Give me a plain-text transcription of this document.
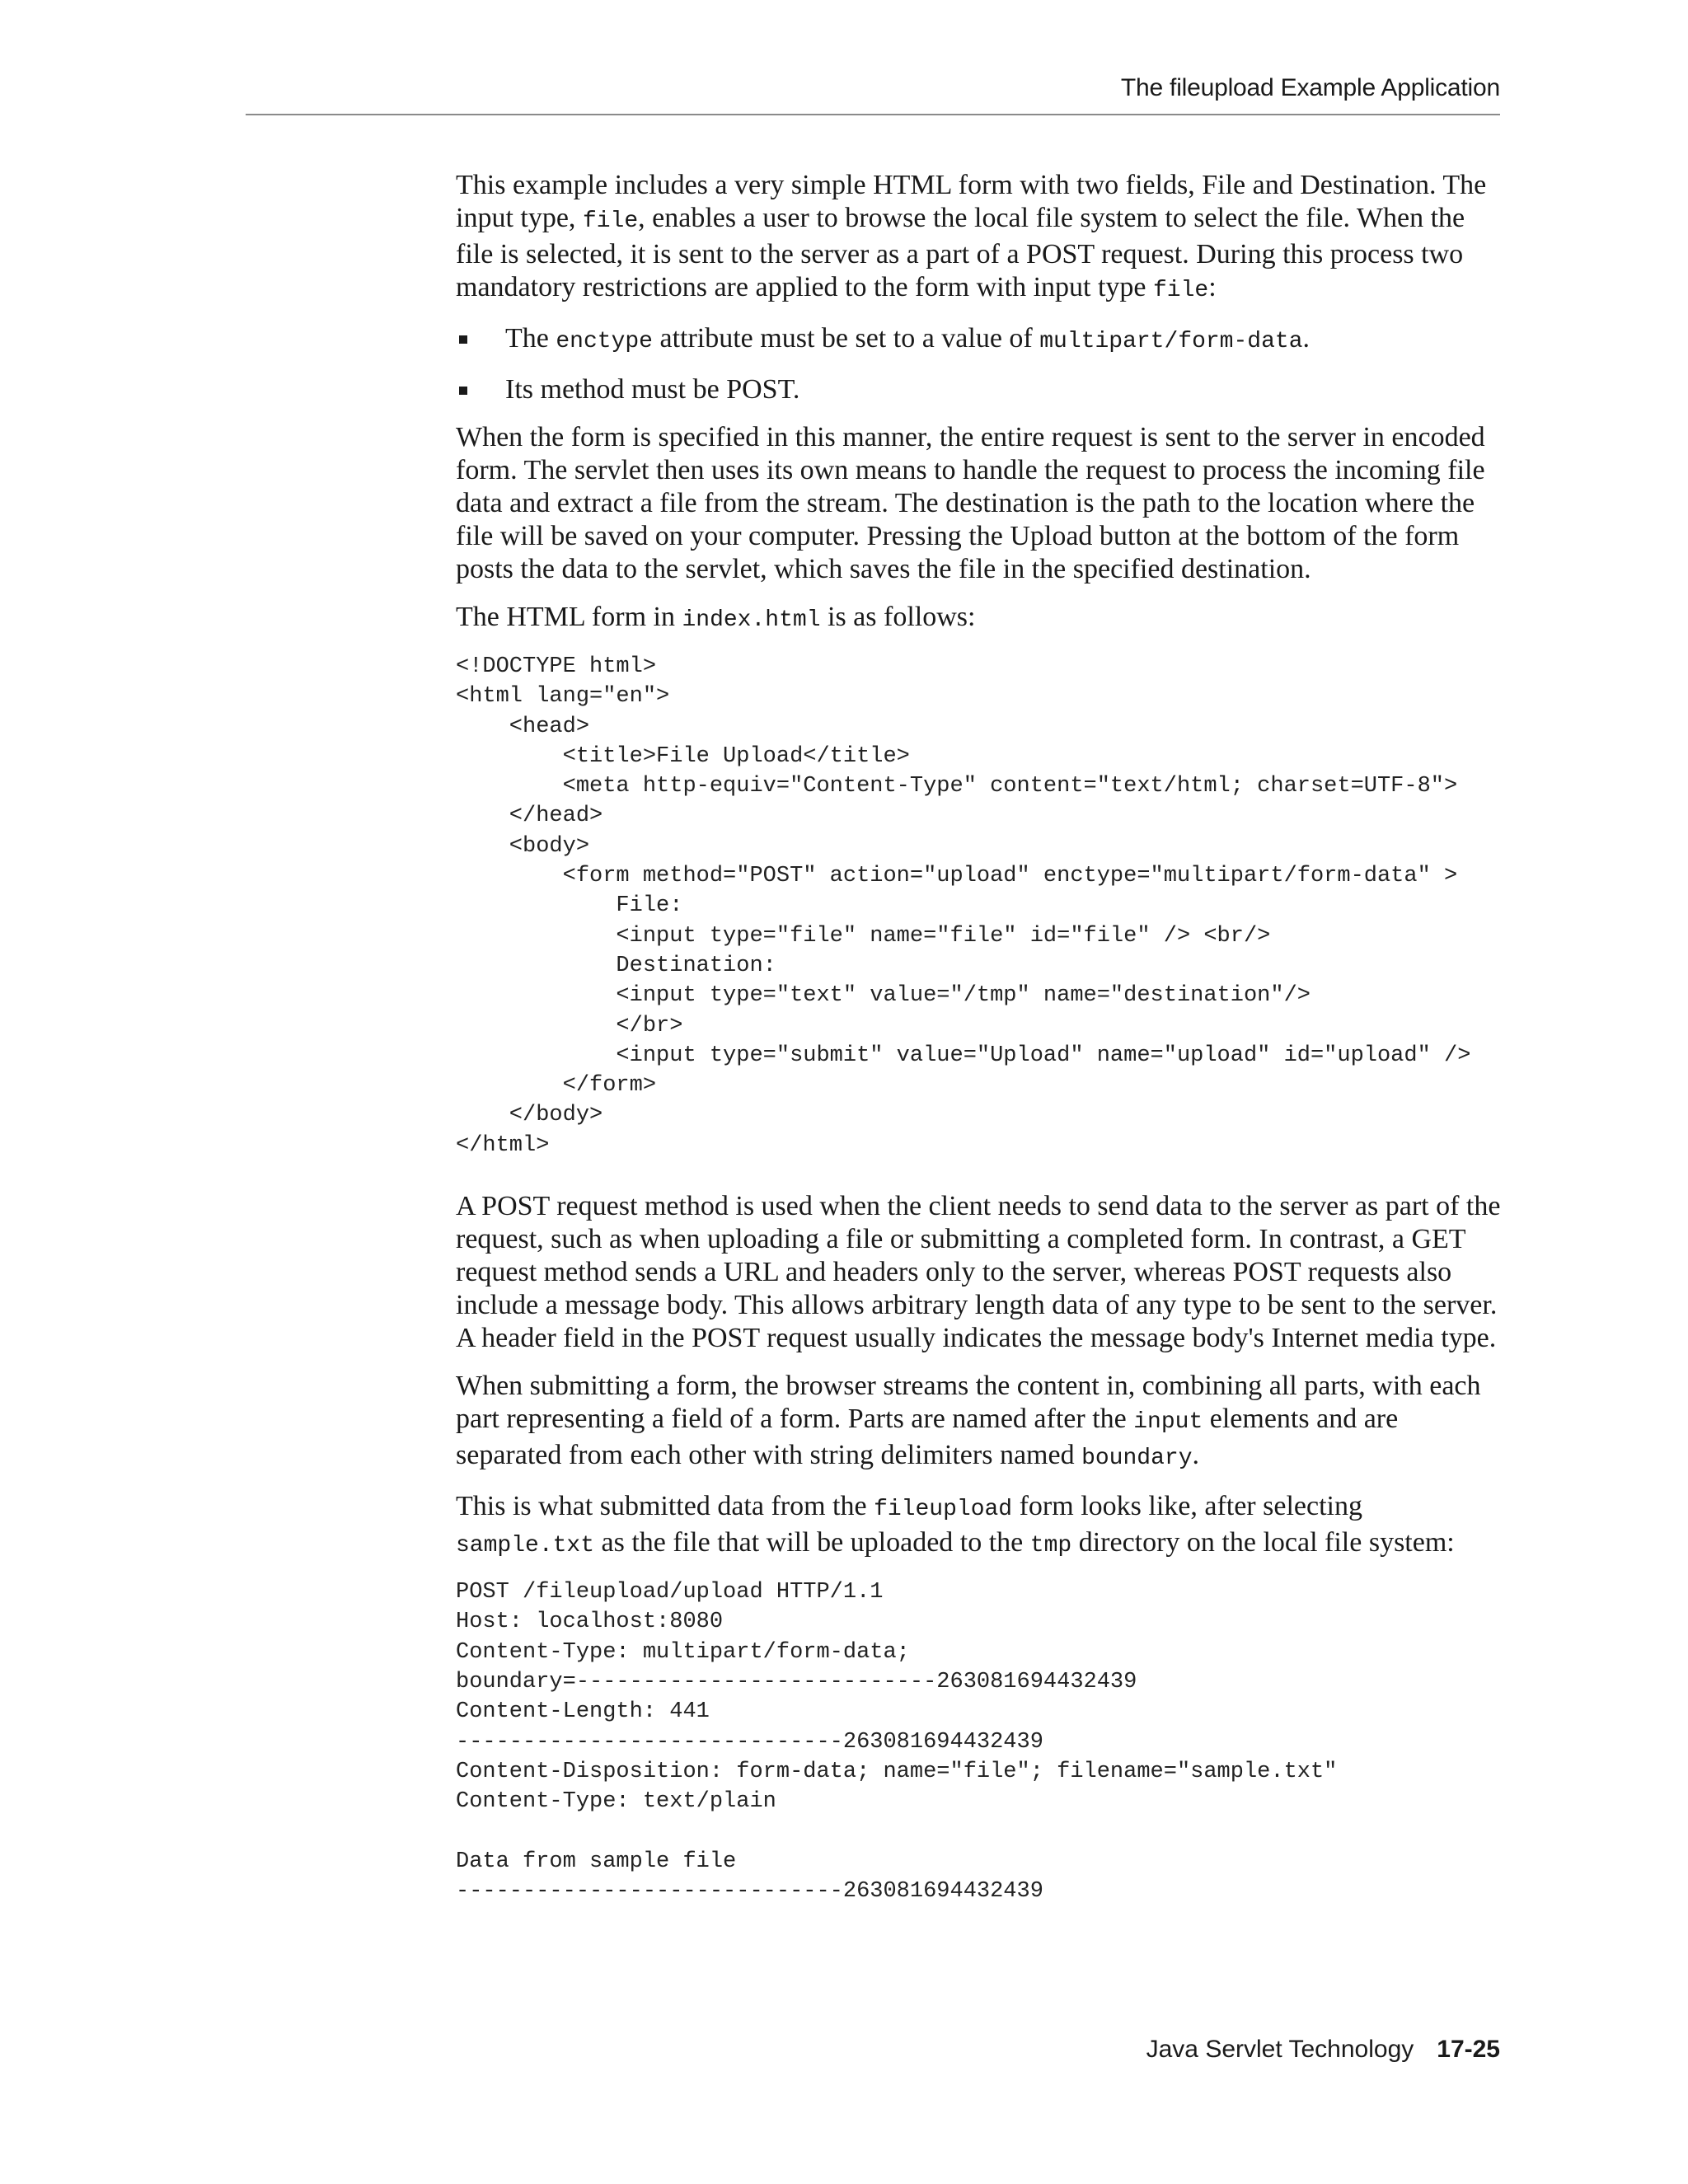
The fileupload Example Application

This example includes a very simple HTML form with two fields, File and Destination. The input type, file, enables a user to browse the local file system to select the file. When the file is selected, it is sent to the server as a part of a POST request. During this process two mandatory restrictions are applied to the form with input type file:

The enctype attribute must be set to a value of multipart/form-data.
Its method must be POST.

When the form is specified in this manner, the entire request is sent to the server in encoded form. The servlet then uses its own means to handle the request to process the incoming file data and extract a file from the stream. The destination is the path to the location where the file will be saved on your computer. Pressing the Upload button at the bottom of the form posts the data to the servlet, which saves the file in the specified destination.

The HTML form in index.html is as follows:

<!DOCTYPE html>
<html lang="en">
<head>
<title>File Upload</title>
<meta http-equiv="Content-Type" content="text/html; charset=UTF-8">
</head>
<body>
<form method="POST" action="upload" enctype="multipart/form-data" >
File:
<input type="file" name="file" id="file" /> <br/>
Destination:
<input type="text" value="/tmp" name="destination"/>
</br>
<input type="submit" value="Upload" name="upload" id="upload" />
</form>
</body>
</html>

A POST request method is used when the client needs to send data to the server as part of the request, such as when uploading a file or submitting a completed form. In contrast, a GET request method sends a URL and headers only to the server, whereas POST requests also include a message body. This allows arbitrary length data of any type to be sent to the server. A header field in the POST request usually indicates the message body's Internet media type.

When submitting a form, the browser streams the content in, combining all parts, with each part representing a field of a form. Parts are named after the input elements and are separated from each other with string delimiters named boundary.

This is what submitted data from the fileupload form looks like, after selecting sample.txt as the file that will be uploaded to the tmp directory on the local file system:

POST /fileupload/upload HTTP/1.1
Host: localhost:8080
Content-Type: multipart/form-data;
boundary=---------------------------263081694432439
Content-Length: 441
-----------------------------263081694432439
Content-Disposition: form-data; name="file"; filename="sample.txt"
Content-Type: text/plain

Data from sample file
-----------------------------263081694432439
Java Servlet Technology 17-25
